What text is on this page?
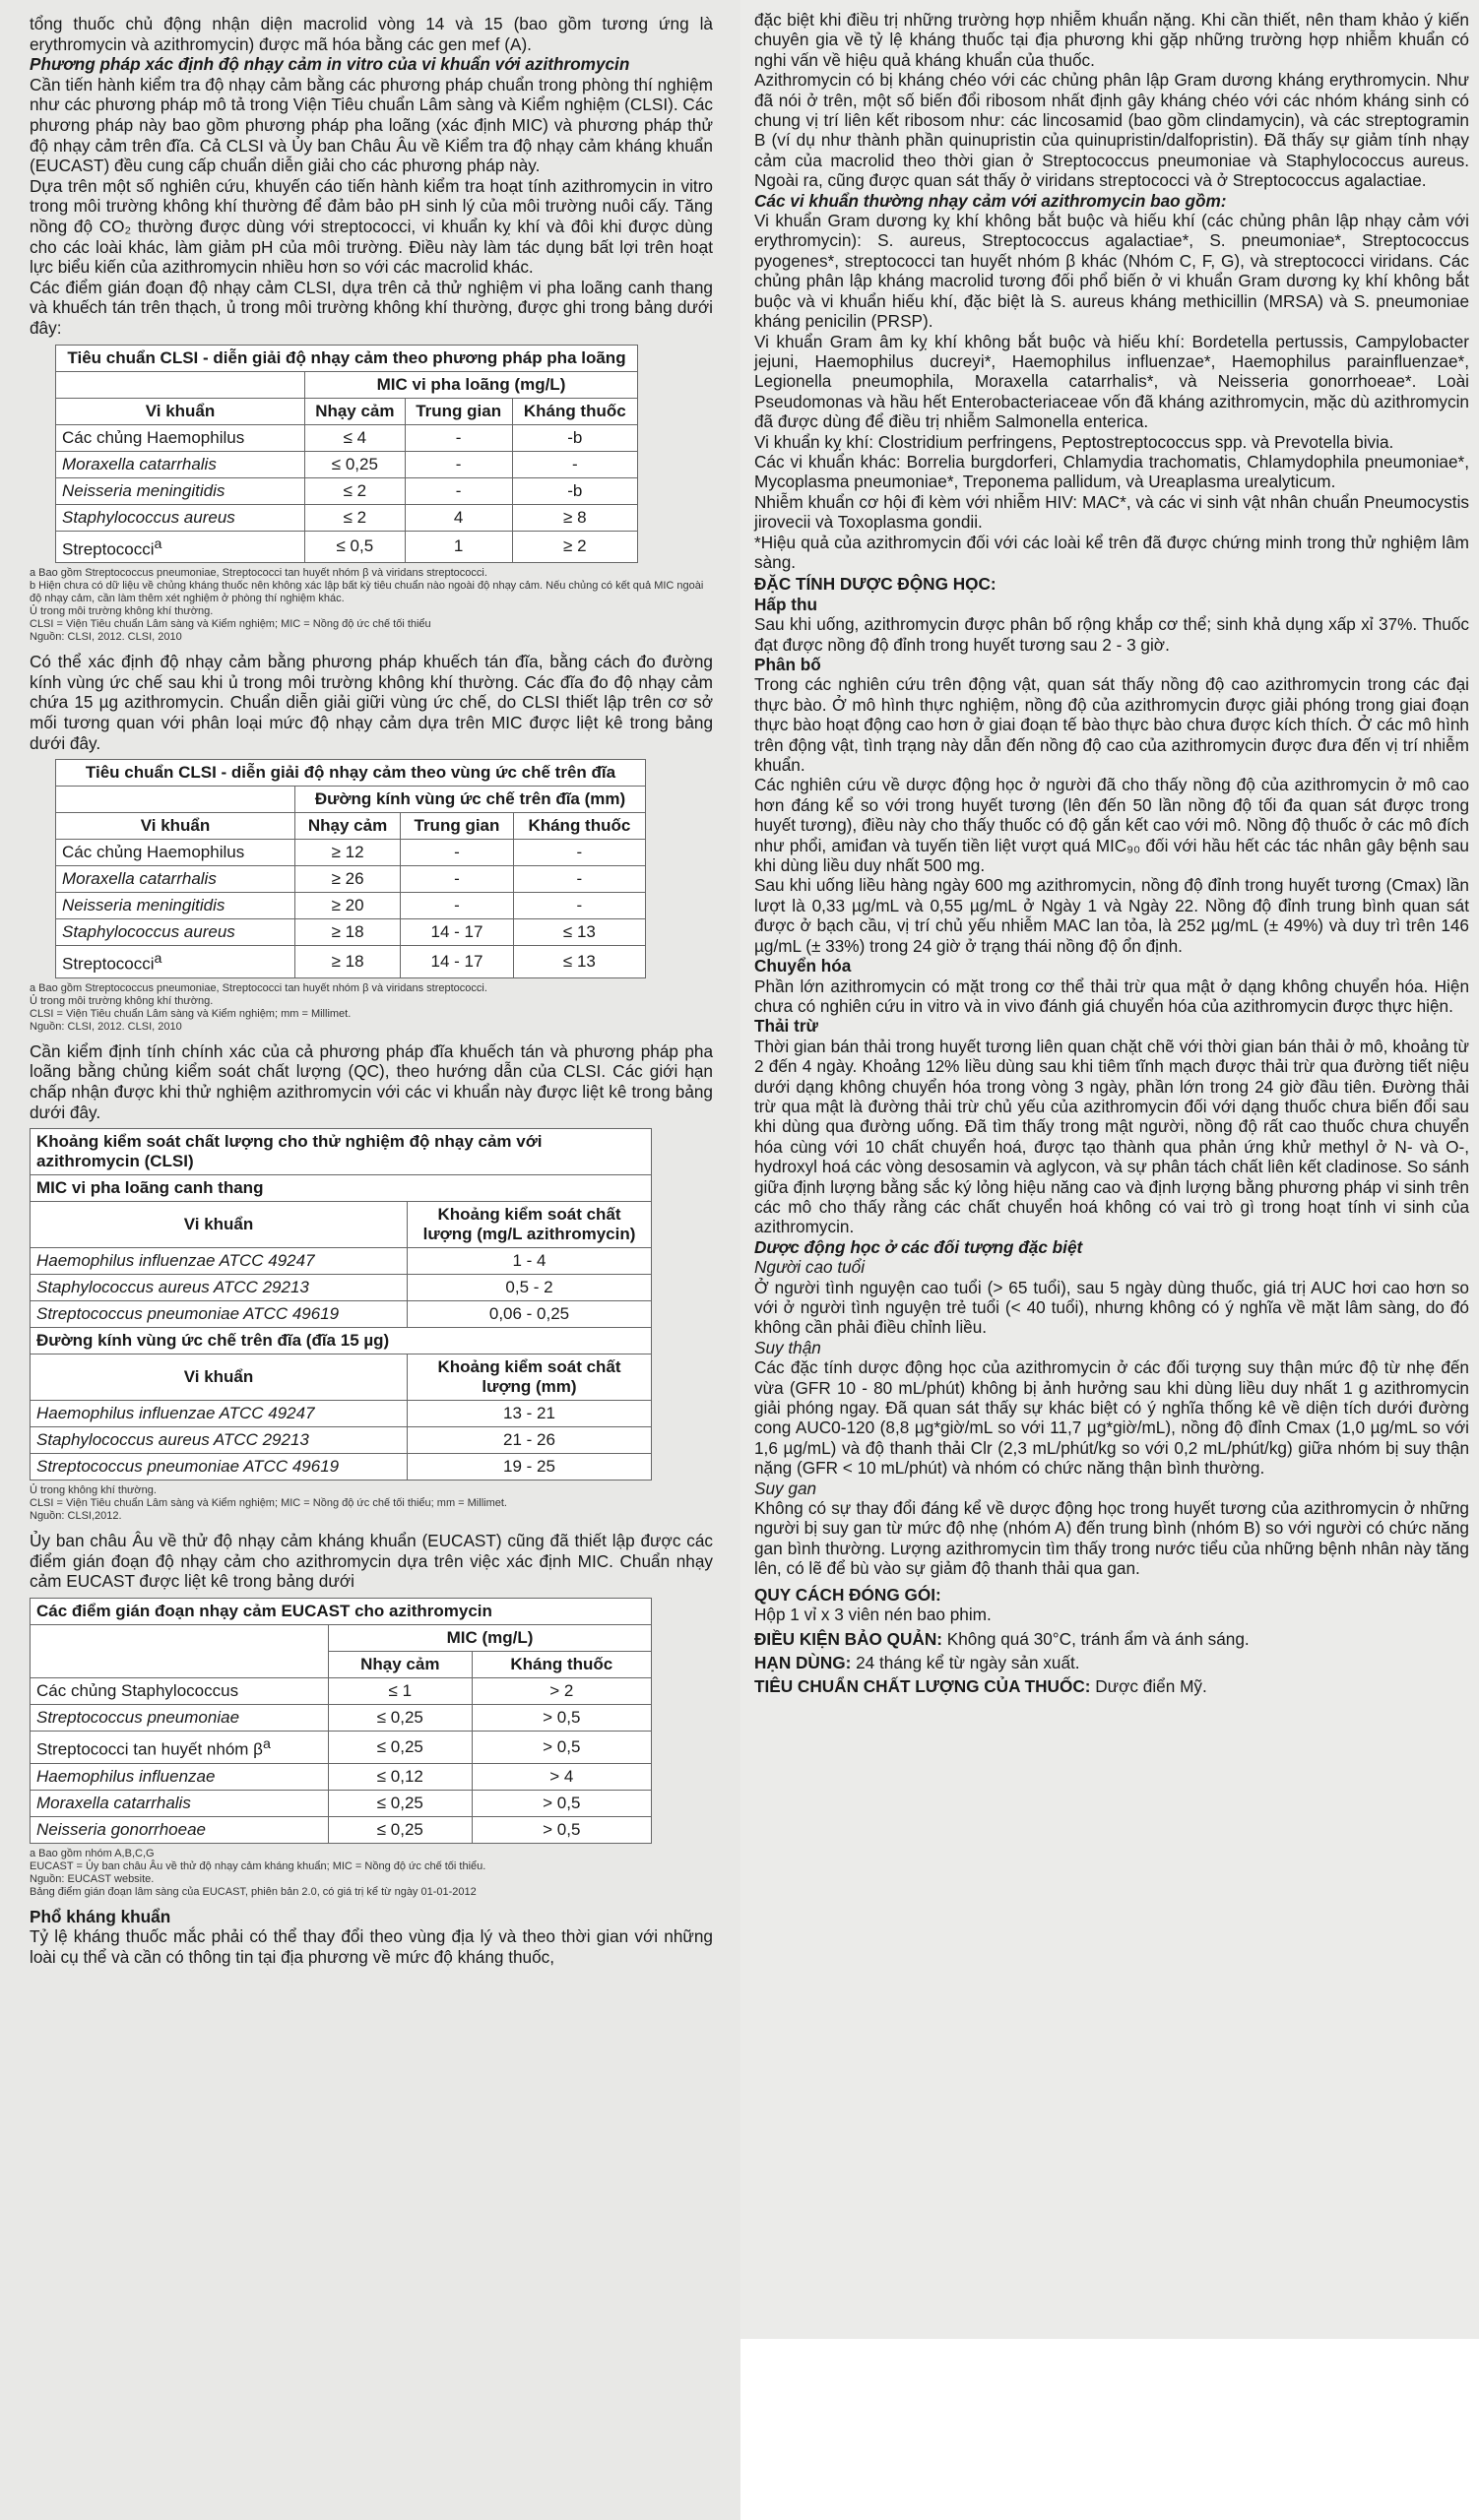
tổng thuốc chủ động nhận diện macrolid vòng 14 và 15 (bao gồm tương ứng là erythromycin và azithromycin) được mã hóa bằng các gen mef (A).

Phương pháp xác định độ nhạy cảm in vitro của vi khuẩn với azithromycin

Cần tiến hành kiểm tra độ nhạy cảm bằng các phương pháp chuẩn trong phòng thí nghiệm như các phương pháp mô tả trong Viện Tiêu chuẩn Lâm sàng và Kiểm nghiệm (CLSI). Các phương pháp này bao gồm phương pháp pha loãng (xác định MIC) và phương pháp thử độ nhạy cảm trên đĩa. Cả CLSI và Ủy ban Châu Âu về Kiểm tra độ nhạy cảm kháng khuẩn (EUCAST) đều cung cấp chuẩn diễn giải cho các phương pháp này.

Dựa trên một số nghiên cứu, khuyến cáo tiến hành kiểm tra hoạt tính azithromycin in vitro trong môi trường không khí thường để đảm bảo pH sinh lý của môi trường nuôi cấy. Tăng nồng độ CO₂ thường được dùng với streptococci, vi khuẩn kỵ khí và đôi khi được dùng cho các loài khác, làm giảm pH của môi trường. Điều này làm tác dụng bất lợi trên hoạt lực biểu kiến của azithromycin nhiều hơn so với các macrolid khác.

Các điểm gián đoạn độ nhạy cảm CLSI, dựa trên cả thử nghiệm vi pha loãng canh thang và khuếch tán trên thạch, ủ trong môi trường không khí thường, được ghi trong bảng dưới đây:

Tiêu chuẩn CLSI - diễn giải độ nhạy cảm theo phương pháp pha loãng			
	MIC vi pha loãng (mg/L)		
Vi khuẩn	Nhạy cảm	Trung gian	Kháng thuốc
Các chủng Haemophilus	≤ 4	-	-b
Moraxella catarrhalis	≤ 0,25	-	-
Neisseria meningitidis	≤ 2	-	-b
Staphylococcus aureus	≤ 2	4	≥ 8
Streptococci$^a$	≤ 0,5	1	≥ 2

a Bao gồm Streptococcus pneumoniae, Streptococci tan huyết nhóm β và viridans streptococci.

b Hiện chưa có dữ liệu về chủng kháng thuốc nên không xác lập bất kỳ tiêu chuẩn nào ngoài độ nhạy cảm. Nếu chủng có kết quả MIC ngoài độ nhạy cảm, cần làm thêm xét nghiệm ở phòng thí nghiệm khác.

Ủ trong môi trường không khí thường.

CLSI = Viện Tiêu chuẩn Lâm sàng và Kiểm nghiệm; MIC = Nồng độ ức chế tối thiểu

Nguồn: CLSI, 2012. CLSI, 2010

Có thể xác định độ nhạy cảm bằng phương pháp khuếch tán đĩa, bằng cách đo đường kính vùng ức chế sau khi ủ trong môi trường không khí thường. Các đĩa đo độ nhạy cảm chứa 15 µg azithromycin. Chuẩn diễn giải giữi vùng ức chế, do CLSI thiết lập trên cơ sở mối tương quan với phân loại mức độ nhạy cảm dựa trên MIC được liệt kê trong bảng dưới đây.

Tiêu chuẩn CLSI - diễn giải độ nhạy cảm theo vùng ức chế trên đĩa			
	Đường kính vùng ức chế trên đĩa (mm)		
Vi khuẩn	Nhạy cảm	Trung gian	Kháng thuốc
Các chủng Haemophilus	≥ 12	-	-
Moraxella catarrhalis	≥ 26	-	-
Neisseria meningitidis	≥ 20	-	-
Staphylococcus aureus	≥ 18	14 - 17	≤ 13
Streptococci$^a$	≥ 18	14 - 17	≤ 13

a Bao gồm Streptococcus pneumoniae, Streptococci tan huyết nhóm β và viridans streptococci.

Ủ trong môi trường không khí thường.

CLSI = Viện Tiêu chuẩn Lâm sàng và Kiểm nghiệm; mm = Millimet.

Nguồn: CLSI, 2012. CLSI, 2010

Cần kiểm định tính chính xác của cả phương pháp đĩa khuếch tán và phương pháp pha loãng bằng chủng kiểm soát chất lượng (QC), theo hướng dẫn của CLSI. Các giới hạn chấp nhận được khi thử nghiệm azithromycin với các vi khuẩn này được liệt kê trong bảng dưới đây.

Khoảng kiểm soát chất lượng cho thử nghiệm độ nhạy cảm với azithromycin (CLSI)	
MIC vi pha loãng canh thang	
Vi khuẩn	Khoảng kiểm soát chất lượng (mg/L azithromycin)
Haemophilus influenzae ATCC 49247	1 - 4
Staphylococcus aureus ATCC 29213	0,5 - 2
Streptococcus pneumoniae ATCC 49619	0,06 - 0,25
Đường kính vùng ức chế trên đĩa (đĩa 15 µg)	
Vi khuẩn	Khoảng kiểm soát chất lượng (mm)
Haemophilus influenzae ATCC 49247	13 - 21
Staphylococcus aureus ATCC 29213	21 - 26
Streptococcus pneumoniae ATCC 49619	19 - 25

Ủ trong không khí thường.

CLSI = Viện Tiêu chuẩn Lâm sàng và Kiểm nghiệm; MIC = Nồng độ ức chế tối thiểu; mm = Millimet.

Nguồn: CLSI,2012.

Ủy ban châu Âu về thử độ nhạy cảm kháng khuẩn (EUCAST) cũng đã thiết lập được các điểm gián đoạn độ nhạy cảm cho azithromycin dựa trên việc xác định MIC. Chuẩn nhạy cảm EUCAST được liệt kê trong bảng dưới

Các điểm gián đoạn nhạy cảm EUCAST cho azithromycin		
	MIC (mg/L)	
	Nhạy cảm	Kháng thuốc
Các chủng Staphylococcus	≤ 1	> 2
Streptococcus pneumoniae	≤ 0,25	> 0,5
Streptococci tan huyết nhóm $\beta^a$	≤ 0,25	> 0,5
Haemophilus influenzae	≤ 0,12	> 4
Moraxella catarrhalis	≤ 0,25	> 0,5
Neisseria gonorrhoeae	≤ 0,25	> 0,5

a Bao gồm nhóm A,B,C,G

EUCAST = Ủy ban châu Âu về thử độ nhạy cảm kháng khuẩn; MIC = Nồng độ ức chế tối thiểu.

Nguồn: EUCAST website.

Bảng điểm gián đoạn lâm sàng của EUCAST, phiên bản 2.0, có giá trị kể từ ngày 01-01-2012

Phổ kháng khuẩn

Tỷ lệ kháng thuốc mắc phải có thể thay đổi theo vùng địa lý và theo thời gian với những loài cụ thể và cần có thông tin tại địa phương về mức độ kháng thuốc,

đặc biệt khi điều trị những trường hợp nhiễm khuẩn nặng. Khi cần thiết, nên tham khảo ý kiến chuyên gia về tỷ lệ kháng thuốc tại địa phương khi gặp những trường hợp nhiễm khuẩn có nghi vấn về hiệu quả kháng khuẩn của thuốc.

Azithromycin có bị kháng chéo với các chủng phân lập Gram dương kháng erythromycin. Như đã nói ở trên, một số biến đổi ribosom nhất định gây kháng chéo với các nhóm kháng sinh có chung vị trí liên kết ribosom như: các lincosamid (bao gồm clindamycin), và các streptogramin B (ví dụ như thành phần quinupristin của quinupristin/dalfopristin). Đã thấy sự giảm tính nhạy cảm của macrolid theo thời gian ở Streptococcus pneumoniae và Staphylococcus aureus. Ngoài ra, cũng được quan sát thấy ở viridans streptococci và ở Streptococcus agalactiae.

Các vi khuẩn thường nhạy cảm với azithromycin bao gồm:

Vi khuẩn Gram dương kỵ khí không bắt buộc và hiếu khí (các chủng phân lập nhạy cảm với erythromycin): S. aureus, Streptococcus agalactiae*, S. pneumoniae*, Streptococcus pyogenes*, streptococci tan huyết nhóm β khác (Nhóm C, F, G), và streptococci viridans. Các chủng phân lập kháng macrolid tương đối phổ biến ở vi khuẩn Gram dương kỵ khí không bắt buộc và vi khuẩn hiếu khí, đặc biệt là S. aureus kháng methicillin (MRSA) và S. pneumoniae kháng penicilin (PRSP).

Vi khuẩn Gram âm kỵ khí không bắt buộc và hiếu khí: Bordetella pertussis, Campylobacter jejuni, Haemophilus ducreyi*, Haemophilus influenzae*, Haemophilus parainfluenzae*, Legionella pneumophila, Moraxella catarrhalis*, và Neisseria gonorrhoeae*. Loài Pseudomonas và hầu hết Enterobacteriaceae vốn đã kháng azithromycin, mặc dù azithromycin đã được dùng để điều trị nhiễm Salmonella enterica.

Vi khuẩn kỵ khí: Clostridium perfringens, Peptostreptococcus spp. và Prevotella bivia.

Các vi khuẩn khác: Borrelia burgdorferi, Chlamydia trachomatis, Chlamydophila pneumoniae*, Mycoplasma pneumoniae*, Treponema pallidum, và Ureaplasma urealyticum.

Nhiễm khuẩn cơ hội đi kèm với nhiễm HIV: MAC*, và các vi sinh vật nhân chuẩn Pneumocystis jirovecii và Toxoplasma gondii.

*Hiệu quả của azithromycin đối với các loài kể trên đã được chứng minh trong thử nghiệm lâm sàng.

ĐẶC TÍNH DƯỢC ĐỘNG HỌC:

Hấp thu

Sau khi uống, azithromycin được phân bố rộng khắp cơ thể; sinh khả dụng xấp xỉ 37%. Thuốc đạt được nồng độ đỉnh trong huyết tương sau 2 - 3 giờ.

Phân bố

Trong các nghiên cứu trên động vật, quan sát thấy nồng độ cao azithromycin trong các đại thực bào. Ở mô hình thực nghiệm, nồng độ của azithromycin được giải phóng trong giai đoạn thực bào hoạt động cao hơn ở giai đoạn tế bào thực bào chưa được kích thích. Ở các mô hình trên động vật, tình trạng này dẫn đến nồng độ cao của azithromycin được đưa đến vị trí nhiễm khuẩn.

Các nghiên cứu về dược động học ở người đã cho thấy nồng độ của azithromycin ở mô cao hơn đáng kể so với trong huyết tương (lên đến 50 lần nồng độ tối đa quan sát được trong huyết tương), điều này cho thấy thuốc có độ gắn kết cao với mô. Nồng độ thuốc ở các mô đích như phổi, amiđan và tuyến tiền liệt vượt quá MIC₉₀ đối với hầu hết các tác nhân gây bệnh sau khi dùng liều duy nhất 500 mg.

Sau khi uống liều hàng ngày 600 mg azithromycin, nồng độ đỉnh trong huyết tương (Cmax) lần lượt là 0,33 µg/mL và 0,55 µg/mL ở Ngày 1 và Ngày 22. Nồng độ đỉnh trung bình quan sát được ở bạch cầu, vị trí chủ yếu nhiễm MAC lan tỏa, là 252 µg/mL (± 49%) và duy trì trên 146 µg/mL (± 33%) trong 24 giờ ở trạng thái nồng độ ổn định.

Chuyển hóa

Phần lớn azithromycin có mặt trong cơ thể thải trừ qua mật ở dạng không chuyển hóa. Hiện chưa có nghiên cứu in vitro và in vivo đánh giá chuyển hóa của azithromycin được thực hiện.

Thải trừ

Thời gian bán thải trong huyết tương liên quan chặt chẽ với thời gian bán thải ở mô, khoảng từ 2 đến 4 ngày. Khoảng 12% liều dùng sau khi tiêm tĩnh mạch được thải trừ qua đường tiết niệu dưới dạng không chuyển hóa trong vòng 3 ngày, phần lớn trong 24 giờ đầu tiên. Đường thải trừ qua mật là đường thải trừ chủ yếu của azithromycin đối với dạng thuốc chưa biến đổi sau khi dùng qua đường uống. Đã tìm thấy trong mật người, nồng độ rất cao thuốc chưa chuyển hóa cùng với 10 chất chuyển hoá, được tạo thành qua phản ứng khử methyl ở N- và O-, hydroxyl hoá các vòng desosamin và aglycon, và sự phân tách chất liên kết cladinose. So sánh giữa định lượng bằng sắc ký lỏng hiệu năng cao và định lượng bằng phương pháp vi sinh trên các mô cho thấy rằng các chất chuyển hoá không có vai trò gì trong hoạt tính vi sinh của azithromycin.

Dược động học ở các đối tượng đặc biệt

Người cao tuổi

Ở người tình nguyện cao tuổi (> 65 tuổi), sau 5 ngày dùng thuốc, giá trị AUC hơi cao hơn so với ở người tình nguyện trẻ tuổi (< 40 tuổi), nhưng không có ý nghĩa về mặt lâm sàng, do đó không cần phải điều chỉnh liều.

Suy thận

Các đặc tính dược động học của azithromycin ở các đối tượng suy thận mức độ từ nhẹ đến vừa (GFR 10 - 80 mL/phút) không bị ảnh hưởng sau khi dùng liều duy nhất 1 g azithromycin giải phóng ngay. Đã quan sát thấy sự khác biệt có ý nghĩa thống kê về diện tích dưới đường cong AUC0-120 (8,8 µg*giờ/mL so với 11,7 µg*giờ/mL), nồng độ đỉnh Cmax (1,0 µg/mL so với 1,6 µg/mL) và độ thanh thải Clr (2,3 mL/phút/kg so với 0,2 mL/phút/kg) giữa nhóm bị suy thận nặng (GFR < 10 mL/phút) và nhóm có chức năng thận bình thường.

Suy gan

Không có sự thay đổi đáng kể về dược động học trong huyết tương của azithromycin ở những người bị suy gan từ mức độ nhẹ (nhóm A) đến trung bình (nhóm B) so với người có chức năng gan bình thường. Lượng azithromycin tìm thấy trong nước tiểu của những bệnh nhân này tăng lên, có lẽ để bù vào sự giảm độ thanh thải qua gan.

QUY CÁCH ĐÓNG GÓI:
Hộp 1 vỉ x 3 viên nén bao phim.

ĐIỀU KIỆN BẢO QUẢN: Không quá 30°C, tránh ẩm và ánh sáng.

HẠN DÙNG: 24 tháng kể từ ngày sản xuất.

TIÊU CHUẨN CHẤT LƯỢNG CỦA THUỐC: Dược điển Mỹ.
